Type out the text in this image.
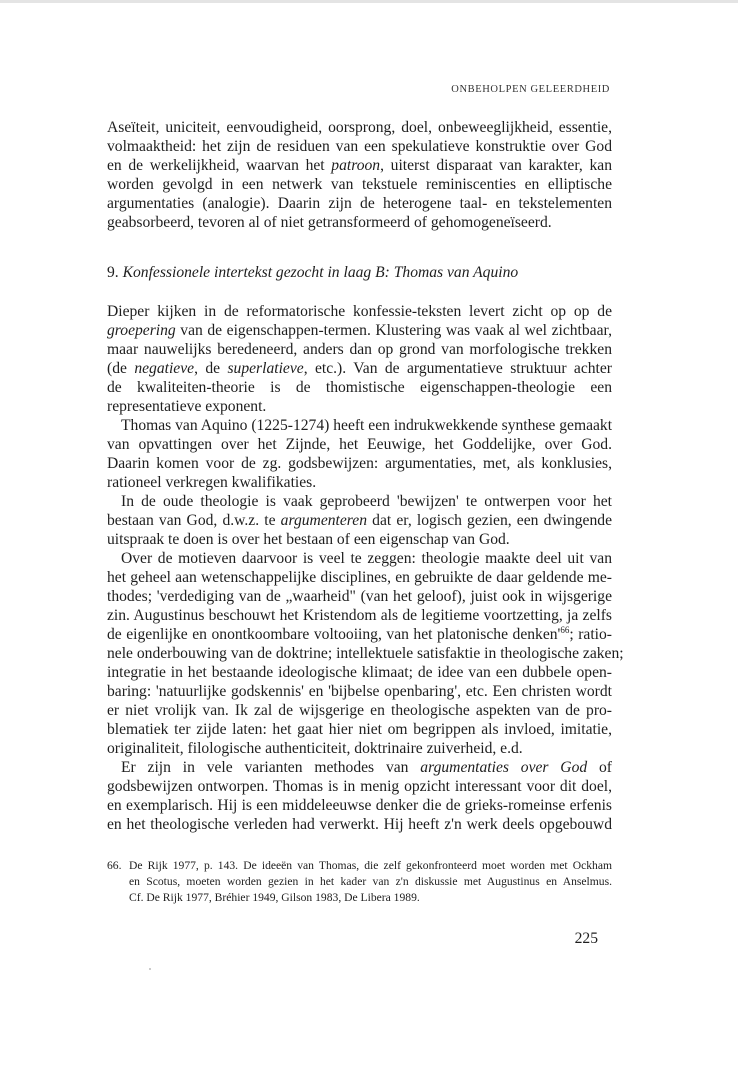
ONBEHOLPEN GELEERDHEID
Aseïteit, uniciteit, eenvoudigheid, oorsprong, doel, onbeweeglijkheid, essentie,
volmaaktheid: het zijn de residuen van een spekulatieve konstruktie over God
en de werkelijkheid, waarvan het patroon, uiterst disparaat van karakter, kan
worden gevolgd in een netwerk van tekstuele reminiscenties en elliptische
argumentaties (analogie). Daarin zijn de heterogene taal- en tekstelementen
geabsorbeerd, tevoren al of niet getransformeerd of gehomogeneïseerd.
9. Konfessionele intertekst gezocht in laag B: Thomas van Aquino
Dieper kijken in de reformatorische konfessie-teksten levert zicht op op de
groepering van de eigenschappen-termen. Klustering was vaak al wel zichtbaar,
maar nauwelijks beredeneerd, anders dan op grond van morfologische trekken
(de negatieve, de superlatieve, etc.). Van de argumentatieve struktuur achter
de kwaliteiten-theorie is de thomistische eigenschappen-theologie een
representatieve exponent.
Thomas van Aquino (1225-1274) heeft een indrukwekkende synthese gemaakt
van opvattingen over het Zijnde, het Eeuwige, het Goddelijke, over God.
Daarin komen voor de zg. godsbewijzen: argumentaties, met, als konklusies,
rationeel verkregen kwalifikaties.
In de oude theologie is vaak geprobeerd 'bewijzen' te ontwerpen voor het
bestaan van God, d.w.z. te argumenteren dat er, logisch gezien, een dwingende
uitspraak te doen is over het bestaan of een eigenschap van God.
Over de motieven daarvoor is veel te zeggen: theologie maakte deel uit van
het geheel aan wetenschappelijke disciplines, en gebruikte de daar geldende me-
thodes; 'verdediging van de „waarheid" (van het geloof), juist ook in wijsgerige
zin. Augustinus beschouwt het Kristendom als de legitieme voortzetting, ja zelfs
de eigenlijke en onontkoombare voltooiing, van het platonische $denken'^{66}$; ratio-
nele onderbouwing van de doktrine; intellektuele satisfaktie in theologische zaken;
integratie in het bestaande ideologische klimaat; de idee van een dubbele open-
baring: 'natuurlijke godskennis' en 'bijbelse openbaring', etc. Een christen wordt
er niet vrolijk van. Ik zal de wijsgerige en theologische aspekten van de pro-
blematiek ter zijde laten: het gaat hier niet om begrippen als invloed, imitatie,
originaliteit, filologische authenticiteit, doktrinaire zuiverheid, e.d.
Er zijn in vele varianten methodes van argumentaties over God of
godsbewijzen ontworpen. Thomas is in menig opzicht interessant voor dit doel,
en exemplarisch. Hij is een middeleeuwse denker die de grieks-romeinse erfenis
en het theologische verleden had verwerkt. Hij heeft z'n werk deels opgebouwd
66. De Rijk 1977, p. 143. De ideeën van Thomas, die zelf gekonfronteerd moet worden met Ockham
en Scotus, moeten worden gezien in het kader van z'n diskussie met Augustinus en Anselmus.
Cf. De Rijk 1977, Bréhier 1949, Gilson 1983, De Libera 1989.
225
